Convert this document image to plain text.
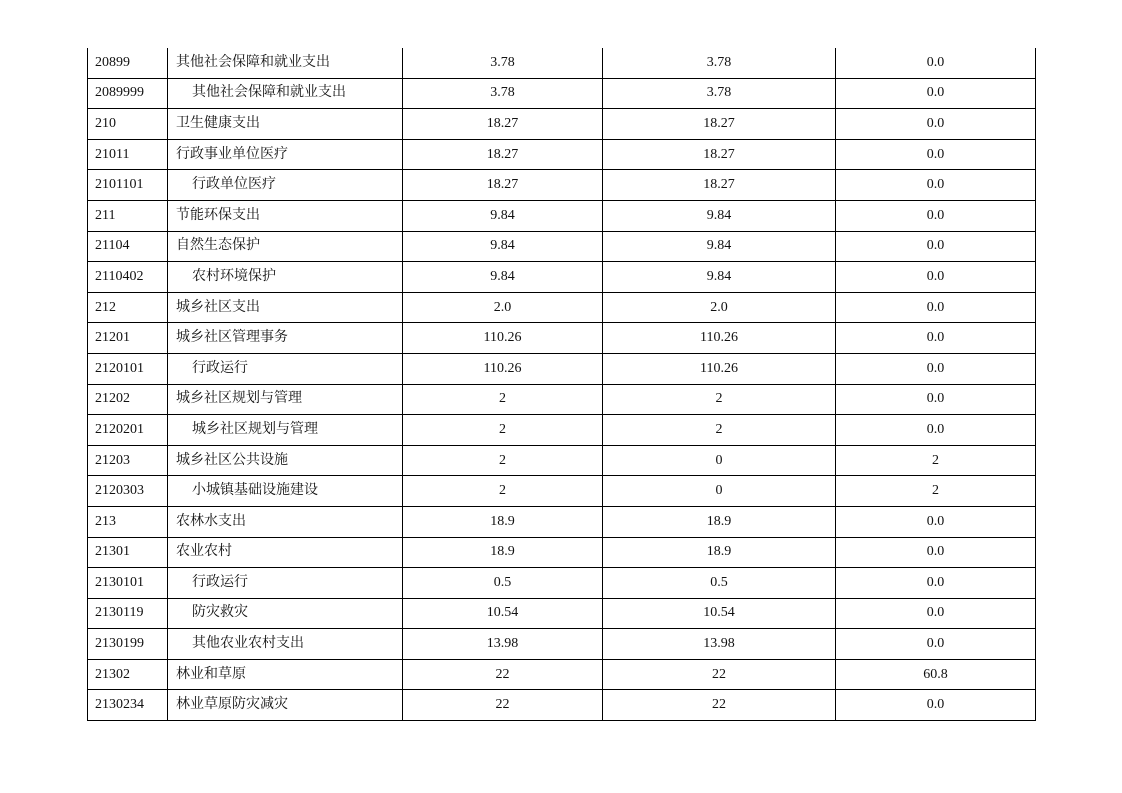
20899	其他社会保障和就业支出	3.78	3.78	0.0
2089999	其他社会保障和就业支出	3.78	3.78	0.0
210	卫生健康支出	18.27	18.27	0.0
21011	行政事业单位医疗	18.27	18.27	0.0
2101101	行政单位医疗	18.27	18.27	0.0
211	节能环保支出	9.84	9.84	0.0
21104	自然生态保护	9.84	9.84	0.0
2110402	农村环境保护	9.84	9.84	0.0
212	城乡社区支出	2.0	2.0	0.0
21201	城乡社区管理事务	110.26	110.26	0.0
2120101	行政运行	110.26	110.26	0.0
21202	城乡社区规划与管理	2	2	0.0
2120201	城乡社区规划与管理	2	2	0.0
21203	城乡社区公共设施	2	0	2
2120303	小城镇基础设施建设	2	0	2
213	农林水支出	18.9	18.9	0.0
21301	农业农村	18.9	18.9	0.0
2130101	行政运行	0.5	0.5	0.0
2130119	防灾救灾	10.54	10.54	0.0
2130199	其他农业农村支出	13.98	13.98	0.0
21302	林业和草原	22	22	60.8
2130234	林业草原防灾减灾	22	22	0.0
